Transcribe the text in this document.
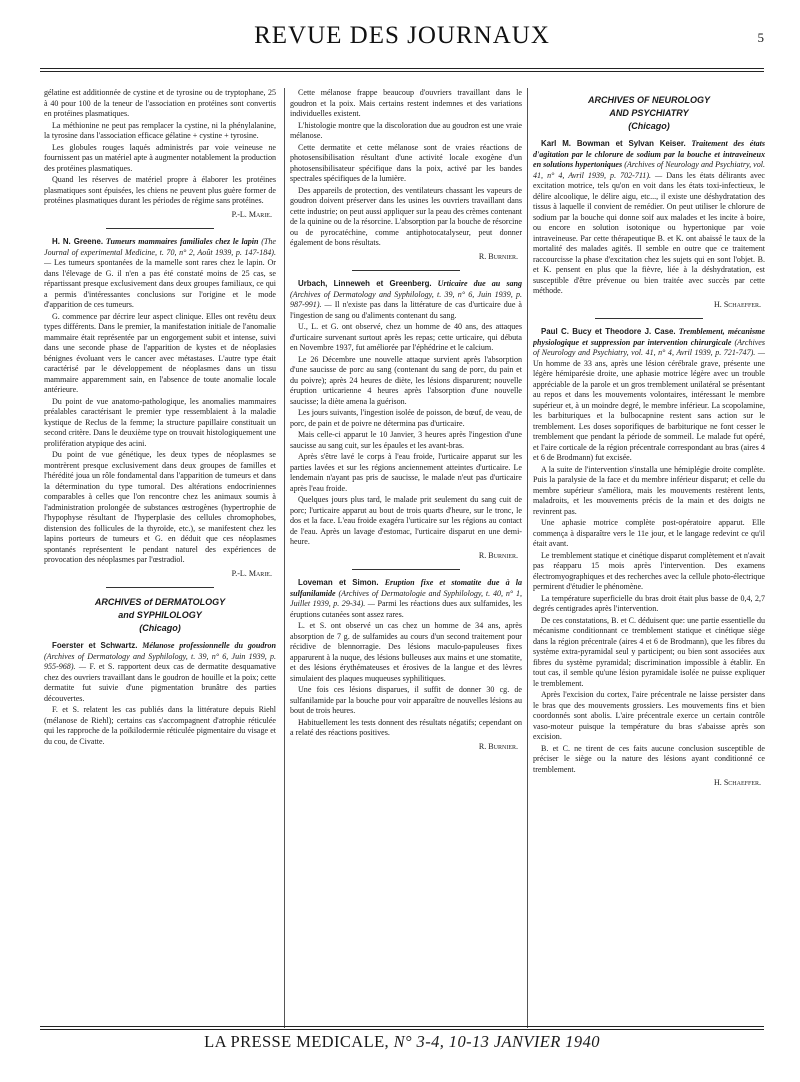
REVUE DES JOURNAUX	5

gélatine est additionnée de cystine et de tyrosine ou de tryptophane, 25 à 40 pour 100 de la teneur de l'association en protéines sont convertis en protéines plasmatiques.

La méthionine ne peut pas remplacer la cystine, ni la phénylalanine, la tyrosine dans l'association efficace gélatine + cystine + tyrosine.

Les globules rouges laqués administrés par voie veineuse ne fournissent pas un matériel apte à augmenter notablement la production des protéines plasmatiques.

Quand les réserves de matériel propre à élaborer les protéines plasmatiques sont épuisées, les chiens ne peuvent plus guère former de protéines plasmatiques durant les périodes de régime sans protéines.

P.-L. Marie.

H. N. Greene. Tumeurs mammaires familiales chez le lapin (The Journal of experimental Medicine, t. 70, n° 2, Août 1939, p. 147-184). — Les tumeurs spontanées de la mamelle sont rares chez le lapin. Or dans l'élevage de G. il n'en a pas été constaté moins de 25 cas, se répartissant presque exclusivement dans deux groupes familiaux, ce qui a permis d'intéressantes conclusions sur l'origine et le mode d'apparition de ces tumeurs.

G. commence par décrire leur aspect clinique. Elles ont revêtu deux types différents. Dans le premier, la manifestation initiale de l'anomalie mammaire était représentée par un engorgement subit et intense, suivi dans une seconde phase de l'apparition de kystes et de néoplasies bénignes évoluant vers le cancer avec métastases. L'autre type était caractérisé par le développement de néoplasmes dans un tissu mammaire apparemment sain, en l'absence de toute anomalie locale antérieure.

Du point de vue anatomo-pathologique, les anomalies mammaires préalables caractérisant le premier type ressemblaient à la maladie kystique de Reclus de la femme; la structure papillaire constituait un second critère. Dans le deuxième type on trouvait histologiquement une prolifération atypique des acini.

Du point de vue génétique, les deux types de néoplasmes se montrèrent presque exclusivement dans deux groupes de familles et l'hérédité joua un rôle fondamental dans l'apparition de tumeurs et dans la détermination du type tumoral. Des altérations endocriniennes comparables à celles que l'on rencontre chez les animaux soumis à l'administration prolongée de substances œstrogènes (hypertrophie de l'hypophyse résultant de l'hyperplasie des cellules chromophobes, distension des follicules de la thyroïde, etc.), se manifestent chez les lapins porteurs de tumeurs et G. en déduit que ces néoplasmes spontanés représentent le pendant naturel des expériences de provocation des néoplasmes par l'œstradiol.

P.-L. Marie.
ARCHIVES of DERMATOLOGY
and SYPHILOLOGY
(Chicago)

Foerster et Schwartz. Mélanose professionnelle du goudron (Archives of Dermatology and Syphilology, t. 39, n° 6, Juin 1939, p. 955-968). — F. et S. rapportent deux cas de dermatite desquamative chez des ouvriers travaillant dans le goudron de houille et la poix; cette dermatite fut suivie d'une pigmentation brunâtre des parties découvertes.

F. et S. relatent les cas publiés dans la littérature depuis Riehl (mélanose de Riehl); certains cas s'accompagnent d'atrophie réticulée qui les rapproche de la poïkilodermie réticulée pigmentaire du visage et du cou, de Civatte.

Cette mélanose frappe beaucoup d'ouvriers travaillant dans le goudron et la poix. Mais certains restent indemnes et des variations individuelles existent.

L'histologie montre que la discoloration due au goudron est une vraie mélanose.

Cette dermatite et cette mélanose sont de vraies réactions de photosensibilisation résultant d'une activité locale exogène d'un photosensibilisateur spécifique dans la poix, activé par les bandes spectrales spécifiques de la lumière.

Des appareils de protection, des ventilateurs chassant les vapeurs de goudron doivent préserver dans les usines les ouvriers travaillant dans cette industrie; on peut aussi appliquer sur la peau des crèmes contenant de la quinine ou de la résorcine. L'absorption par la bouche de résorcine ou de pyrocatéchine, comme antiphotocatalyseur, peut donner également de bons résultats.

R. Burnier.

Urbach, Linneweh et Greenberg. Urticaire due au sang (Archives of Dermatology and Syphilology, t. 39, n° 6, Juin 1939, p. 987-991). — Il n'existe pas dans la littérature de cas d'urticaire due à l'ingestion de sang ou d'aliments contenant du sang.

U., L. et G. ont observé, chez un homme de 40 ans, des attaques d'urticaire survenant surtout après les repas; cette urticaire, qui débuta en Novembre 1937, fut améliorée par l'éphédrine et le calcium.

Le 26 Décembre une nouvelle attaque survient après l'absorption d'une saucisse de porc au sang (contenant du sang de porc, du pain et du poivre); après 24 heures de diète, les lésions disparurent; nouvelle éruption urticarienne 4 heures après l'absorption d'une nouvelle saucisse; la diète amena la guérison.

Les jours suivants, l'ingestion isolée de poisson, de bœuf, de veau, de porc, de pain et de poivre ne détermina pas d'urticaire.

Mais celle-ci apparut le 10 Janvier, 3 heures après l'ingestion d'une saucisse au sang cuit, sur les épaules et les avant-bras.

Après s'être lavé le corps à l'eau froide, l'urticaire apparut sur les parties lavées et sur les régions anciennement atteintes d'urticaire. Le lendemain n'ayant pas pris de saucisse, le malade n'eut pas d'urticaire après l'eau froide.

Quelques jours plus tard, le malade prit seulement du sang cuit de porc; l'urticaire apparut au bout de trois quarts d'heure, sur le tronc, le dos et la face. L'eau froide exagéra l'urticaire sur les régions au contact de l'eau. Après un lavage d'estomac, l'urticaire disparut en une demi-heure.

R. Burnier.

Loveman et Simon. Eruption fixe et stomatite due à la sulfanilamide (Archives of Dermatologie and Syphilology, t. 40, n° 1, Juillet 1939, p. 29-34). — Parmi les réactions dues aux sulfamides, les éruptions cutanées sont assez rares.

L. et S. ont observé un cas chez un homme de 34 ans, après absorption de 7 g. de sulfamides au cours d'un second traitement pour récidive de blennorragie. Des lésions maculo-papuleuses fixes apparurent à la nuque, des lésions bulleuses aux mains et une stomatite, et des lésions érythémateuses et érosives de la langue et des lèvres simulaient des plaques muqueuses syphilitiques.

Une fois ces lésions disparues, il suffit de donner 30 cg. de sulfanilamide par la bouche pour voir apparaître de nouvelles lésions au bout de trois heures.

Habituellement les tests donnent des résultats négatifs; cependant on a relaté des réactions positives.

R. Burnier.
ARCHIVES OF NEUROLOGY
AND PSYCHIATRY
(Chicago)

Karl M. Bowman et Sylvan Keiser. Traitement des états d'agitation par le chlorure de sodium par la bouche et intraveineux en solutions hypertoniques (Archives of Neurology and Psychiatry, vol. 41, n° 4, Avril 1939, p. 702-711). — Dans les états délirants avec excitation motrice, tels qu'on en voit dans les états toxi-infectieux, le délire alcoolique, le délire aigu, etc..., il existe une déshydratation des tissus à laquelle il convient de remédier. On peut utiliser le chlorure de sodium par la bouche qui donne soif aux malades et les incite à boire, ou encore en solution isotonique ou hypertonique par voie intraveineuse. Par cette thérapeutique B. et K. ont abaissé le taux de la mortalité des malades agités. Il semble en outre que ce traitement raccourcisse la phase d'excitation chez les sujets qui en sont l'objet. B. et K. pensent en plus que la fièvre, liée à la déshydratation, est susceptible d'être prévenue ou bien traitée avec succès par cette méthode.

H. Schaeffer.

Paul C. Bucy et Theodore J. Case. Tremblement, mécanisme physiologique et suppression par intervention chirurgicale (Archives of Neurology and Psychiatry, vol. 41, n° 4, Avril 1939, p. 721-747). — Un homme de 33 ans, après une lésion cérébrale grave, présente une légère hémiparésie droite, une aphasie motrice légère avec un trouble appréciable de la parole et un gros tremblement unilatéral se présentant au repos et dans les mouvements volontaires, intéressant le membre supérieur et, à un moindre degré, le membre inférieur. La scopolamine, les barbituriques et la bulbocapnine restent sans action sur le tremblement. Les doses soporifiques de barbiturique ne font cesser le tremblement que pendant la période de sommeil. Le malade fut opéré, et l'aire corticale de la région précentrale correspondant au bras (aires 4 et 6 de Brodmann) fut excisée.

A la suite de l'intervention s'installa une hémiplégie droite complète. Puis la paralysie de la face et du membre inférieur disparut; et celle du membre supérieur s'améliora, mais les mouvements restèrent lents, maladroits, et les mouvements précis de la main et des doigts ne revinrent pas.

Une aphasie motrice complète post-opératoire apparut. Elle commença à disparaître vers le 11e jour, et le langage redevint ce qu'il était avant.

Le tremblement statique et cinétique disparut complètement et n'avait pas réapparu 15 mois après l'intervention. Des examens électromyographiques et des recherches avec la cellule photo-électrique permirent d'étudier le phénomène.

La température superficielle du bras droit était plus basse de 0,4, 2,7 degrés centigrades après l'intervention.

De ces constatations, B. et C. déduisent que: une partie essentielle du mécanisme conditionnant ce tremblement statique et cinétique siège dans la région précentrale (aires 4 et 6 de Brodmann), que les fibres du système extra-pyramidal seul y participent; ou bien sont associées aux fibres du système pyramidal; discrimination impossible à établir. En tout cas, il semble qu'une lésion pyramidale isolée ne puisse expliquer le tremblement.

Après l'excision du cortex, l'aire précentrale ne laisse persister dans le bras que des mouvements grossiers. Les mouvements fins et bien coordonnés sont abolis. L'aire précentrale exerce un certain contrôle vaso-moteur puisque la température du bras s'abaisse après son excision.

B. et C. ne tirent de ces faits aucune conclusion susceptible de préciser le siège ou la nature des lésions ayant conditionné ce tremblement.

H. Schaeffer.
LA PRESSE MEDICALE, N° 3-4, 10-13 JANVIER 1940
